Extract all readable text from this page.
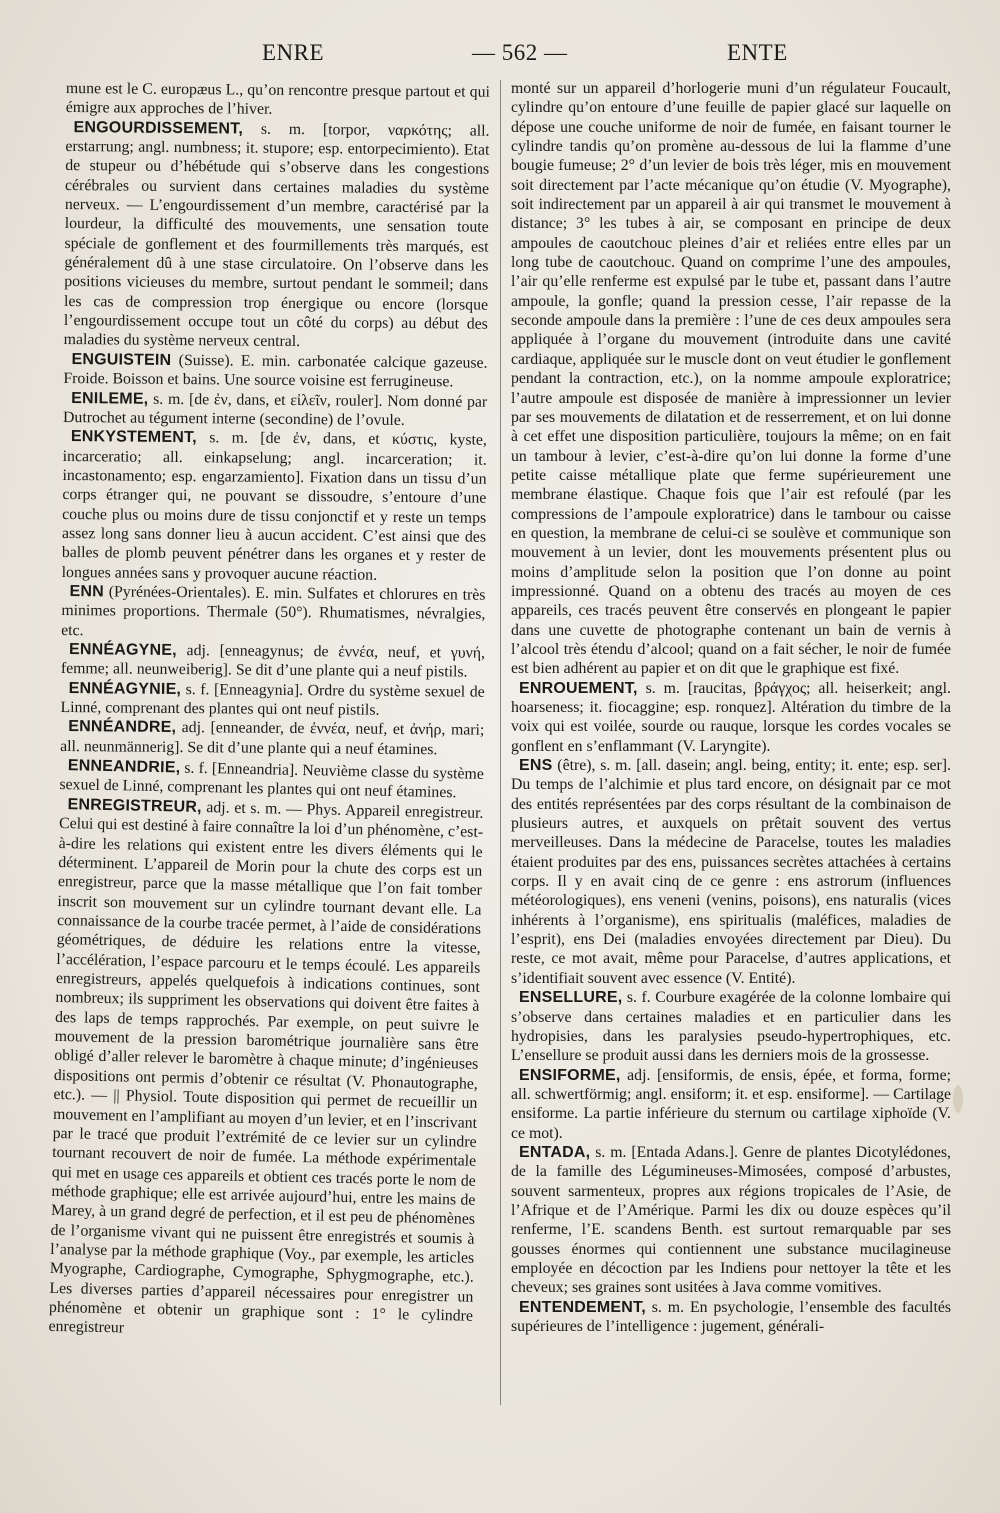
ENRE	— 562 —	ENTE

mune est le C. europæus L., qu’on rencontre presque partout et qui émigre aux approches de l’hiver.

ENGOURDISSEMENT, s. m. [torpor, ναρκότης; all. erstarrung; angl. numbness; it. stupore; esp. entorpecimiento). Etat de stupeur ou d’hébétude qui s’observe dans les congestions cérébrales ou survient dans certaines maladies du système nerveux. — L’engourdissement d’un membre, caractérisé par la lourdeur, la difficulté des mouvements, une sensation toute spéciale de gonflement et des fourmillements très marqués, est généralement dû à une stase circulatoire. On l’observe dans les positions vicieuses du membre, surtout pendant le sommeil; dans les cas de compression trop énergique ou encore (lorsque l’engourdissement occupe tout un côté du corps) au début des maladies du système nerveux central.

ENGUISTEIN (Suisse). E. min. carbonatée calcique gazeuse. Froide. Boisson et bains. Une source voisine est ferrugineuse.

ENILEME, s. m. [de ἐν, dans, et εἰλεῖν, rouler]. Nom donné par Dutrochet au tégument interne (secondine) de l’ovule.

ENKYSTEMENT, s. m. [de ἐν, dans, et κύστις, kyste, incarceratio; all. einkapselung; angl. incarceration; it. incastonamento; esp. engarzamiento]. Fixation dans un tissu d’un corps étranger qui, ne pouvant se dissoudre, s’entoure d’une couche plus ou moins dure de tissu conjonctif et y reste un temps assez long sans donner lieu à aucun accident. C’est ainsi que des balles de plomb peuvent pénétrer dans les organes et y rester de longues années sans y provoquer aucune réaction.

ENN (Pyrénées-Orientales). E. min. Sulfates et chlorures en très minimes proportions. Thermale (50°). Rhumatismes, névralgies, etc.

ENNÉAGYNE, adj. [enneagynus; de ἐννέα, neuf, et γυνή, femme; all. neunweiberig]. Se dit d’une plante qui a neuf pistils.

ENNÉAGYNIE, s. f. [Enneagynia]. Ordre du système sexuel de Linné, comprenant des plantes qui ont neuf pistils.

ENNÉANDRE, adj. [enneander, de ἐννέα, neuf, et ἀνήρ, mari; all. neunmännerig]. Se dit d’une plante qui a neuf étamines.

ENNEANDRIE, s. f. [Enneandria]. Neuvième classe du système sexuel de Linné, comprenant les plantes qui ont neuf étamines.

ENREGISTREUR, adj. et s. m. — Phys. Appareil enregistreur. Celui qui est destiné à faire connaître la loi d’un phénomène, c’est-à-dire les relations qui existent entre les divers éléments qui le déterminent. L’appareil de Morin pour la chute des corps est un enregistreur, parce que la masse métallique que l’on fait tomber inscrit son mouvement sur un cylindre tournant devant elle. La connaissance de la courbe tracée permet, à l’aide de considérations géométriques, de déduire les relations entre la vitesse, l’accélération, l’espace parcouru et le temps écoulé. Les appareils enregistreurs, appelés quelquefois à indications continues, sont nombreux; ils suppriment les observations qui doivent être faites à des laps de temps rapprochés. Par exemple, on peut suivre le mouvement de la pression barométrique journalière sans être obligé d’aller relever le baromètre à chaque minute; d’ingénieuses dispositions ont permis d’obtenir ce résultat (V. Phonautographe, etc.). — || Physiol. Toute disposition qui permet de recueillir un mouvement en l’amplifiant au moyen d’un levier, et en l’inscrivant par le tracé que produit l’extrémité de ce levier sur un cylindre tournant recouvert de noir de fumée. La méthode expérimentale qui met en usage ces appareils et obtient ces tracés porte le nom de méthode graphique; elle est arrivée aujourd’hui, entre les mains de Marey, à un grand degré de perfection, et il est peu de phénomènes de l’organisme vivant qui ne puissent être enregistrés et soumis à l’analyse par la méthode graphique (Voy., par exemple, les articles Myographe, Cardiographe, Cymographe, Sphygmographe, etc.). Les diverses parties d’appareil nécessaires pour enregistrer un phénomène et obtenir un graphique sont : 1° le cylindre enregistreur

monté sur un appareil d’horlogerie muni d’un régulateur Foucault, cylindre qu’on entoure d’une feuille de papier glacé sur laquelle on dépose une couche uniforme de noir de fumée, en faisant tourner le cylindre tandis qu’on promène au-dessous de lui la flamme d’une bougie fumeuse; 2° d’un levier de bois très léger, mis en mouvement soit directement par l’acte mécanique qu’on étudie (V. Myographe), soit indirectement par un appareil à air qui transmet le mouvement à distance; 3° les tubes à air, se composant en principe de deux ampoules de caoutchouc pleines d’air et reliées entre elles par un long tube de caoutchouc. Quand on comprime l’une des ampoules, l’air qu’elle renferme est expulsé par le tube et, passant dans l’autre ampoule, la gonfle; quand la pression cesse, l’air repasse de la seconde ampoule dans la première : l’une de ces deux ampoules sera appliquée à l’organe du mouvement (introduite dans une cavité cardiaque, appliquée sur le muscle dont on veut étudier le gonflement pendant la contraction, etc.), on la nomme ampoule exploratrice; l’autre ampoule est disposée de manière à impressionner un levier par ses mouvements de dilatation et de resserrement, et on lui donne à cet effet une disposition particulière, toujours la même; on en fait un tambour à levier, c’est-à-dire qu’on lui donne la forme d’une petite caisse métallique plate que ferme supérieurement une membrane élastique. Chaque fois que l’air est refoulé (par les compressions de l’ampoule exploratrice) dans le tambour ou caisse en question, la membrane de celui-ci se soulève et communique son mouvement à un levier, dont les mouvements présentent plus ou moins d’amplitude selon la position que l’on donne au point impressionné. Quand on a obtenu des tracés au moyen de ces appareils, ces tracés peuvent être conservés en plongeant le papier dans une cuvette de photographe contenant un bain de vernis à l’alcool très étendu d’alcool; quand on a fait sécher, le noir de fumée est bien adhérent au papier et on dit que le graphique est fixé.

ENROUEMENT, s. m. [raucitas, βράγχος; all. heiserkeit; angl. hoarseness; it. fiocaggine; esp. ronquez]. Altération du timbre de la voix qui est voilée, sourde ou rauque, lorsque les cordes vocales se gonflent en s’enflammant (V. Laryngite).

ENS (être), s. m. [all. dasein; angl. being, entity; it. ente; esp. ser]. Du temps de l’alchimie et plus tard encore, on désignait par ce mot des entités représentées par des corps résultant de la combinaison de plusieurs autres, et auxquels on prêtait souvent des vertus merveilleuses. Dans la médecine de Paracelse, toutes les maladies étaient produites par des ens, puissances secrètes attachées à certains corps. Il y en avait cinq de ce genre : ens astrorum (influences météorologiques), ens veneni (venins, poisons), ens naturalis (vices inhérents à l’organisme), ens spiritualis (maléfices, maladies de l’esprit), ens Dei (maladies envoyées directement par Dieu). Du reste, ce mot avait, même pour Paracelse, d’autres applications, et s’identifiait souvent avec essence (V. Entité).

ENSELLURE, s. f. Courbure exagérée de la colonne lombaire qui s’observe dans certaines maladies et en particulier dans les hydropisies, dans les paralysies pseudo-hypertrophiques, etc. L’ensellure se produit aussi dans les derniers mois de la grossesse.

ENSIFORME, adj. [ensiformis, de ensis, épée, et forma, forme; all. schwertförmig; angl. ensiform; it. et esp. ensiforme]. — Cartilage ensiforme. La partie inférieure du sternum ou cartilage xiphoïde (V. ce mot).

ENTADA, s. m. [Entada Adans.]. Genre de plantes Dicotylédones, de la famille des Légumineuses-Mimosées, composé d’arbustes, souvent sarmenteux, propres aux régions tropicales de l’Asie, de l’Afrique et de l’Amérique. Parmi les dix ou douze espèces qu’il renferme, l’E. scandens Benth. est surtout remarquable par ses gousses énormes qui contiennent une substance mucilagineuse employée en décoction par les Indiens pour nettoyer la tête et les cheveux; ses graines sont usitées à Java comme vomitives.

ENTENDEMENT, s. m. En psychologie, l’ensemble des facultés supérieures de l’intelligence : jugement, générali-
